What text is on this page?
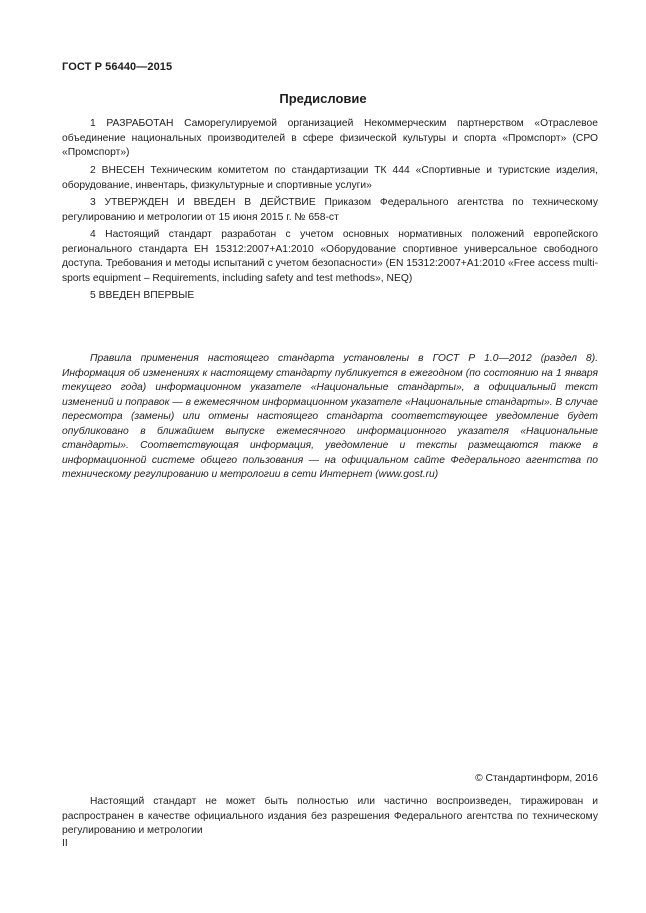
ГОСТ Р 56440—2015
Предисловие
1 РАЗРАБОТАН Саморегулируемой организацией Некоммерческим партнерством «Отраслевое объединение национальных производителей в сфере физической культуры и спорта «Промспорт» (СРО «Промспорт»)
2 ВНЕСЕН Техническим комитетом по стандартизации ТК 444 «Спортивные и туристские изделия, оборудование, инвентарь, физкультурные и спортивные услуги»
3 УТВЕРЖДЕН И ВВЕДЕН В ДЕЙСТВИЕ Приказом Федерального агентства по техническому регулированию и метрологии от 15 июня 2015 г. № 658-ст
4 Настоящий стандарт разработан с учетом основных нормативных положений европейского регионального стандарта ЕН 15312:2007+А1:2010 «Оборудование спортивное универсальное свободного доступа. Требования и методы испытаний с учетом безопасности» (EN 15312:2007+A1:2010 «Free access multi-sports equipment – Requirements, including safety and test methods», NEQ)
5 ВВЕДЕН ВПЕРВЫЕ
Правила применения настоящего стандарта установлены в ГОСТ Р 1.0—2012 (раздел 8). Информация об изменениях к настоящему стандарту публикуется в ежегодном (по состоянию на 1 января текущего года) информационном указателе «Национальные стандарты», а официальный текст изменений и поправок — в ежемесячном информационном указателе «Национальные стандарты». В случае пересмотра (замены) или отмены настоящего стандарта соответствующее уведомление будет опубликовано в ближайшем выпуске ежемесячного информационного указателя «Национальные стандарты». Соответствующая информация, уведомление и тексты размещаются также в информационной системе общего пользования — на официальном сайте Федерального агентства по техническому регулированию и метрологии в сети Интернет (www.gost.ru)
© Стандартинформ, 2016
Настоящий стандарт не может быть полностью или частично воспроизведен, тиражирован и распространен в качестве официального издания без разрешения Федерального агентства по техническому регулированию и метрологии
II
